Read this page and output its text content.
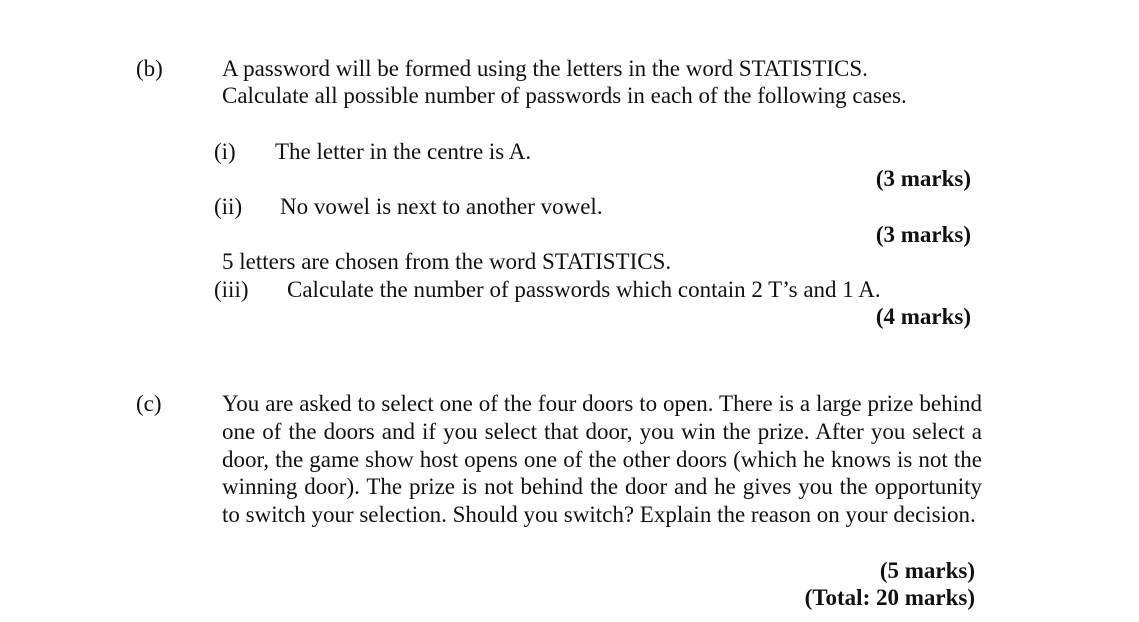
(b)	A password will be formed using the letters in the word STATISTICS.
Calculate all possible number of passwords in each of the following cases.
(i) The letter in the centre is A.
(3 marks)
(ii) No vowel is next to another vowel.
(3 marks)
5 letters are chosen from the word STATISTICS.
(iii) Calculate the number of passwords which contain 2 T’s and 1 A.
(4 marks)
(c)	You are asked to select one of the four doors to open. There is a large prize behind one of the doors and if you select that door, you win the prize. After you select a door, the game show host opens one of the other doors (which he knows is not the winning door). The prize is not behind the door and he gives you the opportunity to switch your selection. Should you switch? Explain the reason on your decision.
(5 marks)
(Total: 20 marks)
